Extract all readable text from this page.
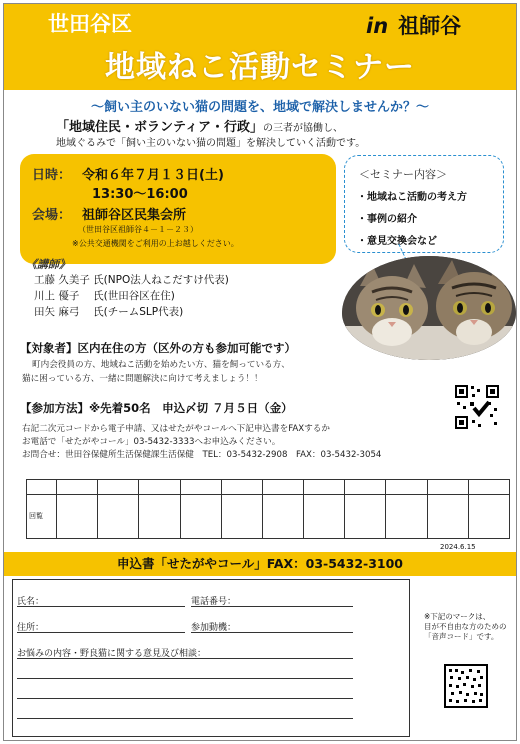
世田谷区	in 祖師谷
地域ねこ活動セミナー
～飼い主のいない猫の問題を、地域で解決しませんか？～
「地域住民・ボランティア・行政」の三者が協働し、
地域ぐるみで「飼い主のいない猫の問題」を解決していく活動です。
日時： 令和６年７月１３日(土)
13:30～16:00
会場： 祖師谷区民集会所
（世田谷区祖師谷４－１－２３）
※公共交通機関をご利用の上お越しください。
＜セミナー内容＞
・地域ねこ活動の考え方
・事例の紹介
・意見交換会など
《講師》
工藤 久美子 氏(NPO法人ねこだすけ代表)
川上 優子　 氏(世田谷区在住)
田矢 麻弓　 氏(チームSLP代表)
【対象者】区内在住の方（区外の方も参加可能です）
町内会役員の方、地域ねこ活動を始めたい方、猫を飼っている方、
猫に困っている方、一緒に問題解決に向けて考えましょう！！
【参加方法】※先着50名　申込〆切 ７月５日（金）
右記二次元コードから電子申請、又はせたがやコールへ下記申込書をFAXするか
お電話で「せたがやコール」03-5432-3333へお申込みください。
お問合せ：世田谷保健所生活保健課生活保健　TEL：03-5432-2908　FAX：03-5432-3054

回覧											
2024.6.15
申込書「せたがやコール」FAX：03-5432-3100
氏名：	電話番号：
住所：	参加動機：
お悩みの内容・野良猫に関する意見及び相談：
※下記のマークは、
目が不自由な方のための
「音声コード」です。
